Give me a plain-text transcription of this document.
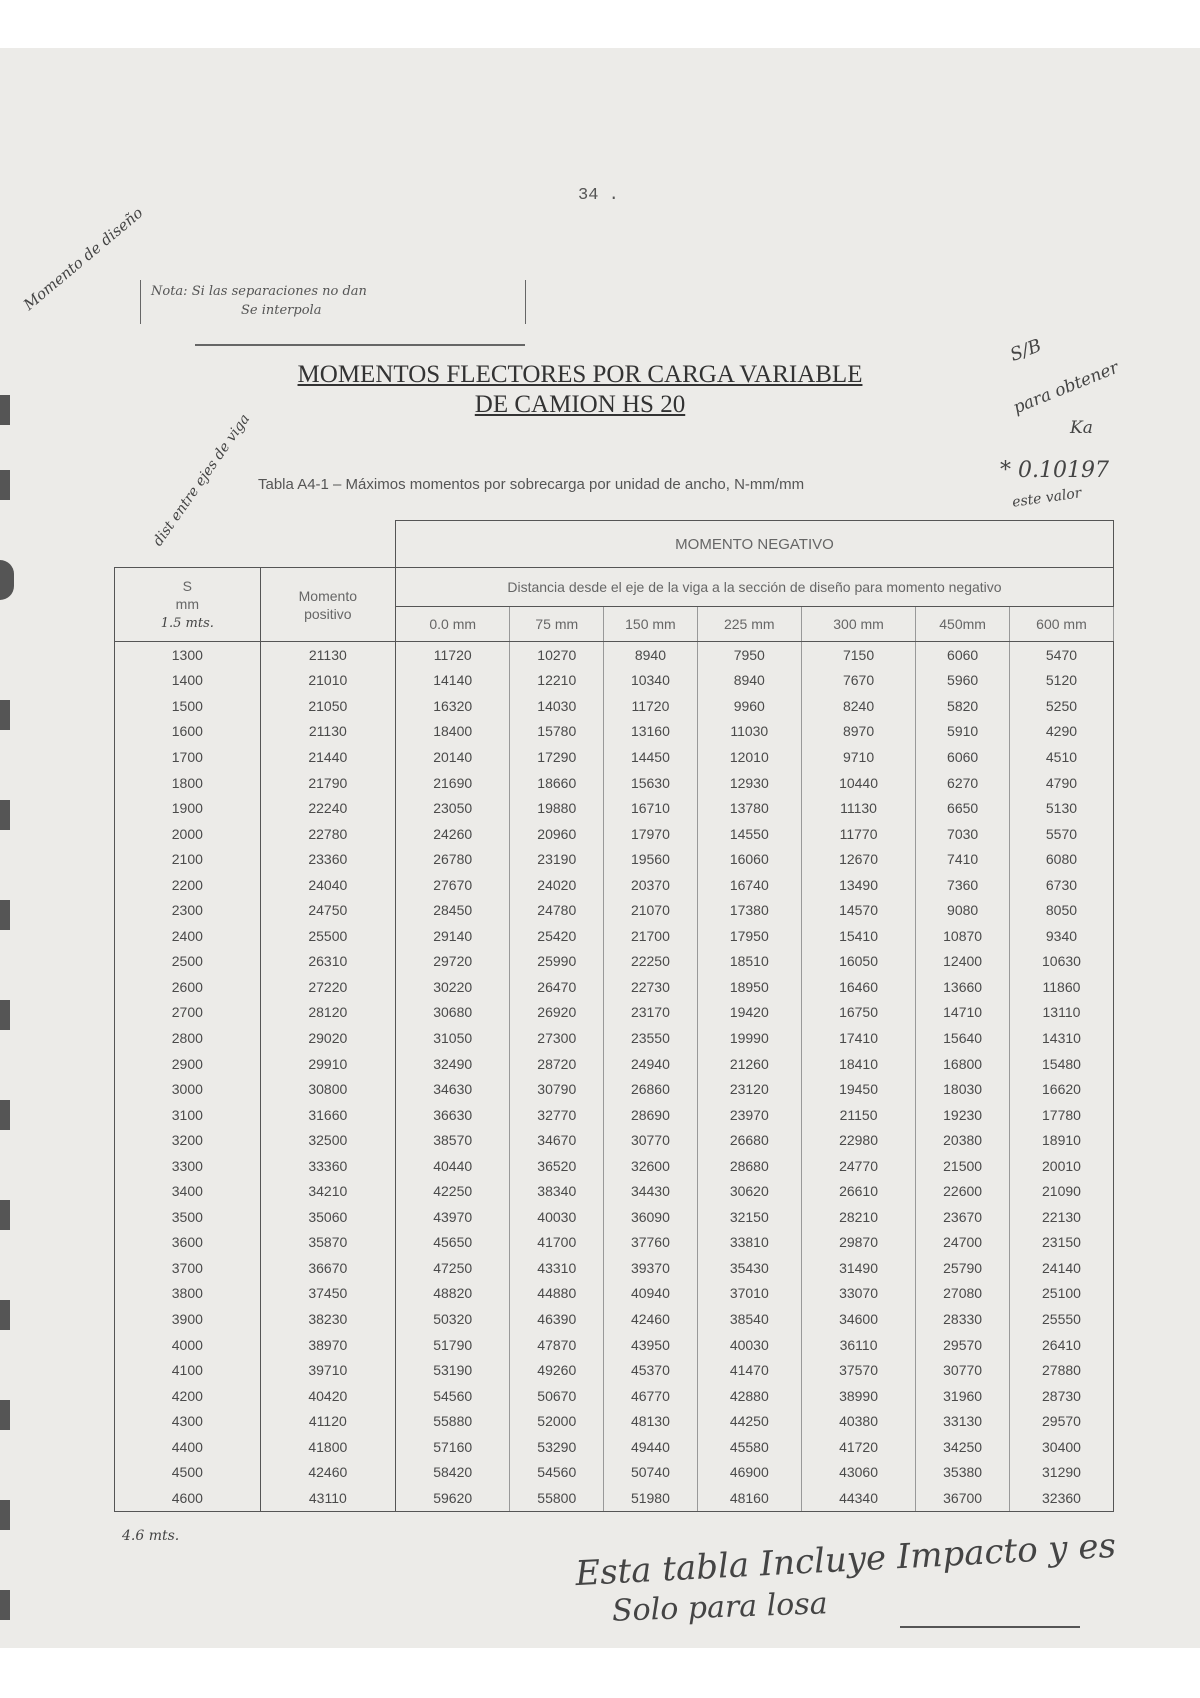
34 .
Momento de diseño Nota: Si las separaciones no dan
Se interpola
MOMENTOS FLECTORES POR CARGA VARIABLE
DE CAMION HS 20
S/B
para obtener
Ka
* 0.10197
este valor
Tabla A4-1 – Máximos momentos por sobrecarga por unidad de ancho, N-mm/mm
dist entre ejes de viga
		MOMENTO NEGATIVO						
S
mm
1.5 mts.	Momento
positivo	Distancia desde el eje de la viga a la sección de diseño para momento negativo						
		0.0 mm	75 mm	150 mm	225 mm	300 mm	450mm	600 mm
1300	21130	11720	10270	8940	7950	7150	6060	5470
1400	21010	14140	12210	10340	8940	7670	5960	5120
1500	21050	16320	14030	11720	9960	8240	5820	5250
1600	21130	18400	15780	13160	11030	8970	5910	4290
1700	21440	20140	17290	14450	12010	9710	6060	4510
1800	21790	21690	18660	15630	12930	10440	6270	4790
1900	22240	23050	19880	16710	13780	11130	6650	5130
2000	22780	24260	20960	17970	14550	11770	7030	5570
2100	23360	26780	23190	19560	16060	12670	7410	6080
2200	24040	27670	24020	20370	16740	13490	7360	6730
2300	24750	28450	24780	21070	17380	14570	9080	8050
2400	25500	29140	25420	21700	17950	15410	10870	9340
2500	26310	29720	25990	22250	18510	16050	12400	10630
2600	27220	30220	26470	22730	18950	16460	13660	11860
2700	28120	30680	26920	23170	19420	16750	14710	13110
2800	29020	31050	27300	23550	19990	17410	15640	14310
2900	29910	32490	28720	24940	21260	18410	16800	15480
3000	30800	34630	30790	26860	23120	19450	18030	16620
3100	31660	36630	32770	28690	23970	21150	19230	17780
3200	32500	38570	34670	30770	26680	22980	20380	18910
3300	33360	40440	36520	32600	28680	24770	21500	20010
3400	34210	42250	38340	34430	30620	26610	22600	21090
3500	35060	43970	40030	36090	32150	28210	23670	22130
3600	35870	45650	41700	37760	33810	29870	24700	23150
3700	36670	47250	43310	39370	35430	31490	25790	24140
3800	37450	48820	44880	40940	37010	33070	27080	25100
3900	38230	50320	46390	42460	38540	34600	28330	25550
4000	38970	51790	47870	43950	40030	36110	29570	26410
4100	39710	53190	49260	45370	41470	37570	30770	27880
4200	40420	54560	50670	46770	42880	38990	31960	28730
4300	41120	55880	52000	48130	44250	40380	33130	29570
4400	41800	57160	53290	49440	45580	41720	34250	30400
4500	42460	58420	54560	50740	46900	43060	35380	31290
4600	43110	59620	55800	51980	48160	44340	36700	32360
4.6 mts.	Esta tabla Incluye Impacto y es
Solo para losa
